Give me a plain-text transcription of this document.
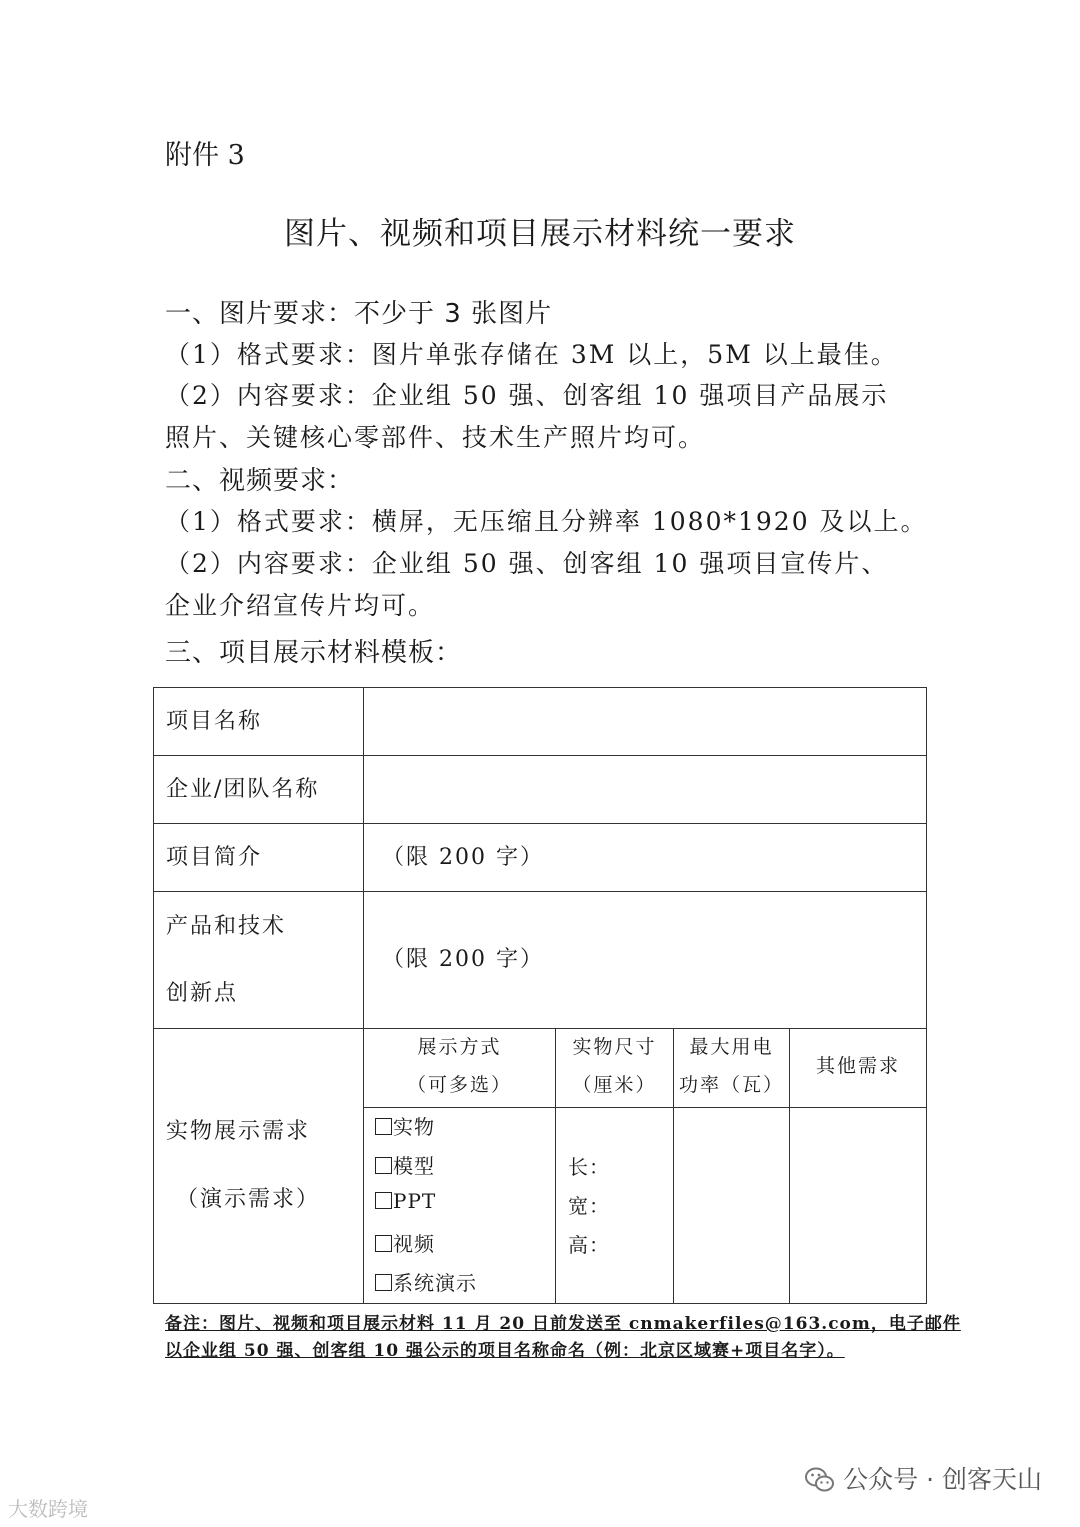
附件 3
图片、视频和项目展示材料统一要求
一、图片要求：不少于 3 张图片
（1）格式要求：图片单张存储在 3M 以上，5M 以上最佳。
（2）内容要求：企业组 50 强、创客组 10 强项目产品展示
照片、关键核心零部件、技术生产照片均可。
二、视频要求：
（1）格式要求：横屏，无压缩且分辨率 1080*1920 及以上。
（2）内容要求：企业组 50 强、创客组 10 强项目宣传片、
企业介绍宣传片均可。
三、项目展示材料模板：
项目名称
企业/团队名称
项目简介	（限 200 字）
产品和技术
创新点
（限 200 字）
实物展示需求
（演示需求）
展示方式
（可多选）
实物尺寸
（厘米）
最大用电
功率（瓦）
其他需求
实物
模型
PPT
视频
系统演示
长：
宽：
高：
备注：图片、视频和项目展示材料 11 月 20 日前发送至 cnmakerfiles@163.com，电子邮件
以企业组 50 强、创客组 10 强公示的项目名称命名（例：北京区域赛+项目名字）。
公众号 · 创客天山
大数跨境
